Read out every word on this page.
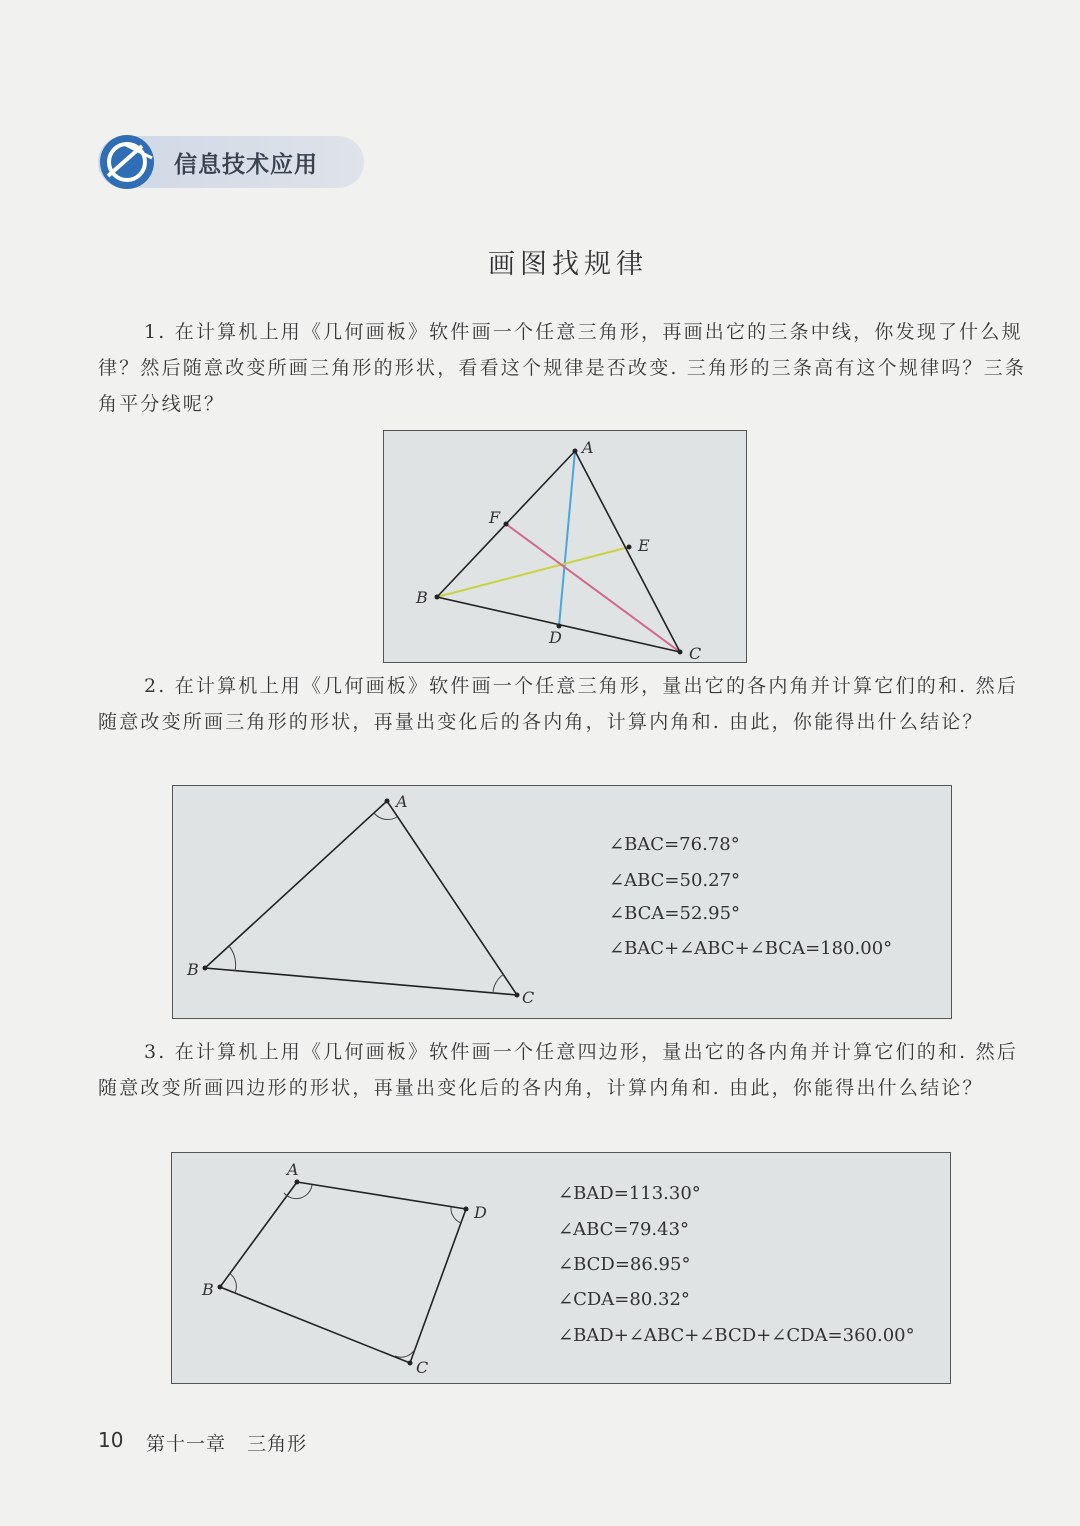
信息技术应用
画图找规律

1. 在计算机上用《几何画板》软件画一个任意三角形，再画出它的三条中线，你发现了什么规律？然后随意改变所画三角形的形状，看看这个规律是否改变. 三角形的三条高有这个规律吗？三条角平分线呢？

A
B
C
D
E
F

2. 在计算机上用《几何画板》软件画一个任意三角形，量出它的各内角并计算它们的和. 然后随意改变所画三角形的形状，再量出变化后的各内角，计算内角和. 由此，你能得出什么结论？

A
B
C
∠BAC=76.78°
∠ABC=50.27°
∠BCA=52.95°
∠BAC+∠ABC+∠BCA=180.00°

3. 在计算机上用《几何画板》软件画一个任意四边形，量出它的各内角并计算它们的和. 然后随意改变所画四边形的形状，再量出变化后的各内角，计算内角和. 由此，你能得出什么结论？

A
D
C
B
∠BAD=113.30°
∠ABC=79.43°
∠BCD=86.95°
∠CDA=80.32°
∠BAD+∠ABC+∠BCD+∠CDA=360.00°
10 第十一章   三角形
